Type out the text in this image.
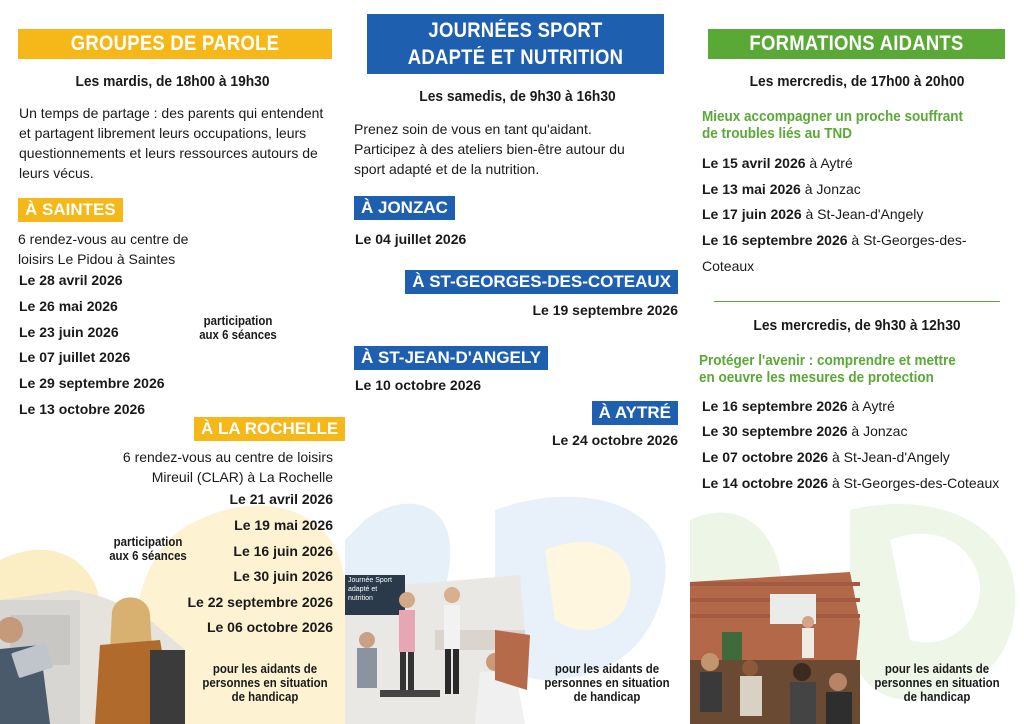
GROUPES DE PAROLE
Les mardis, de 18h00 à 19h30
Un temps de partage : des parents qui entendent et partagent librement leurs occupations, leurs questionnements et leurs ressources autours de leurs vécus.
À SAINTES
6 rendez-vous au centre de loisirs Le Pidou à Saintes
Le 28 avril 2026
Le 26 mai 2026
Le 23 juin 2026
Le 07 juillet 2026
Le 29 septembre 2026
Le 13 octobre 2026
participation
aux 6 séances
À LA ROCHELLE
6 rendez-vous au centre de loisirs
Mireuil (CLAR) à La Rochelle
Le 21 avril 2026
Le 19 mai 2026
Le 16 juin 2026
Le 30 juin 2026
Le 22 septembre 2026
Le 06 octobre 2026
participation
aux 6 séances
pour les aidants de
personnes en situation
de handicap
JOURNÉES SPORT
ADAPTÉ ET NUTRITION
Les samedis, de 9h30 à 16h30
Prenez soin de vous en tant qu'aidant. Participez à des ateliers bien-être autour du sport adapté et de la nutrition.
À JONZAC
Le 04 juillet 2026
À ST-GEORGES-DES-COTEAUX
Le 19 septembre 2026
À ST-JEAN-D'ANGELY
Le 10 octobre 2026
À AYTRÉ
Le 24 octobre 2026
Journée Sport
adapté et
nutrition
pour les aidants de
personnes en situation
de handicap
FORMATIONS AIDANTS
Les mercredis, de 17h00 à 20h00
Mieux accompagner un proche souffrant
de troubles liés au TND
Le 15 avril 2026 à Aytré
Le 13 mai 2026 à Jonzac
Le 17 juin 2026 à St-Jean-d'Angely
Le 16 septembre 2026 à St-Georges-des-
Coteaux
Les mercredis, de 9h30 à 12h30
Protéger l'avenir : comprendre et mettre
en oeuvre les mesures de protection
Le 16 septembre 2026 à Aytré
Le 30 septembre 2026 à Jonzac
Le 07 octobre 2026 à St-Jean-d'Angely
Le 14 octobre 2026 à St-Georges-des-Coteaux
pour les aidants de
personnes en situation
de handicap
